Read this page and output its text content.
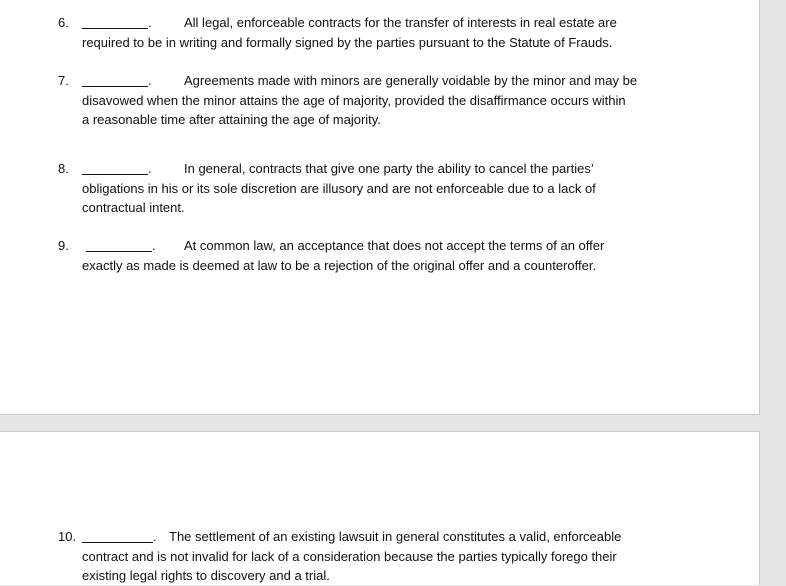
6.	. All legal, enforceable contracts for the transfer of interests in real estate are
required to be in writing and formally signed by the parties pursuant to the Statute of Frauds.
7.	. Agreements made with minors are generally voidable by the minor and may be
disavowed when the minor attains the age of majority, provided the disaffirmance occurs within
a reasonable time after attaining the age of majority.
8.	. In general, contracts that give one party the ability to cancel the parties’
obligations in his or its sole discretion are illusory and are not enforceable due to a lack of
contractual intent.
9.	. At common law, an acceptance that does not accept the terms of an offer
exactly as made is deemed at law to be a rejection of the original offer and a counteroffer.
10.	. The settlement of an existing lawsuit in general constitutes a valid, enforceable
contract and is not invalid for lack of a consideration because the parties typically forego their
existing legal rights to discovery and a trial.
